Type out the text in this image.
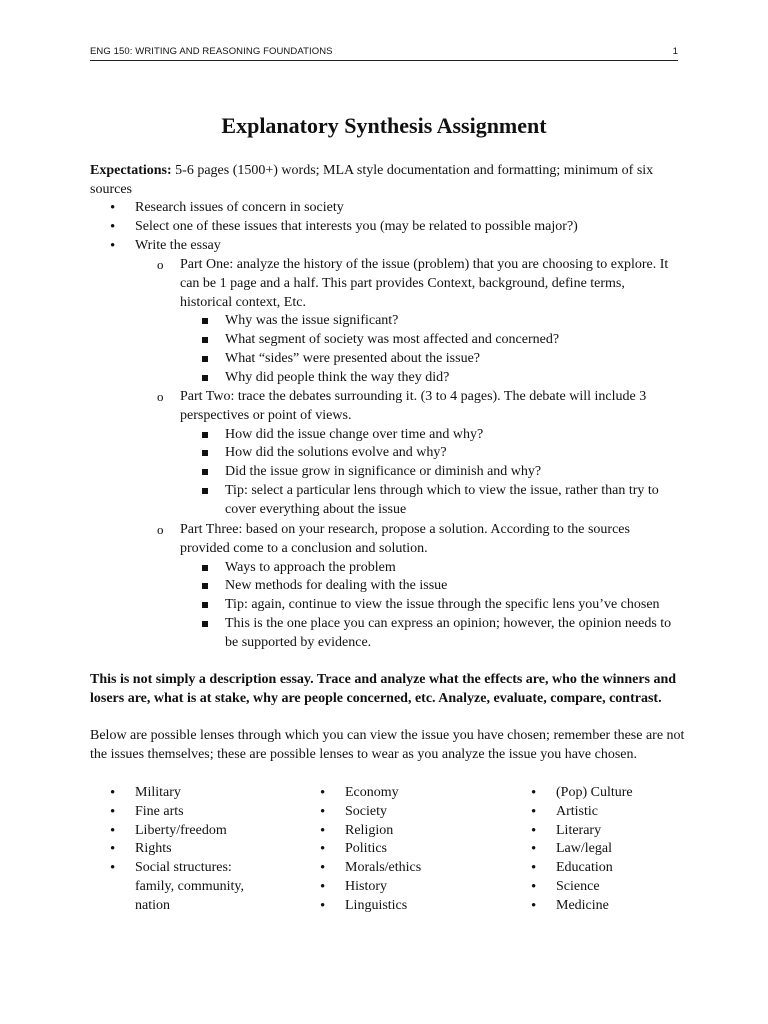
ENG 150: WRITING AND REASONING FOUNDATIONS	1
Explanatory Synthesis Assignment
Expectations: 5-6 pages (1500+) words; MLA style documentation and formatting; minimum of six sources
• Research issues of concern in society
• Select one of these issues that interests you (may be related to possible major?)
• Write the essay
o Part One: analyze the history of the issue (problem) that you are choosing to explore. It can be 1 page and a half. This part provides Context, background, define terms, historical context, Etc.
Why was the issue significant?
What segment of society was most affected and concerned?
What “sides” were presented about the issue?
Why did people think the way they did?
o Part Two: trace the debates surrounding it. (3 to 4 pages). The debate will include 3 perspectives or point of views.
How did the issue change over time and why?
How did the solutions evolve and why?
Did the issue grow in significance or diminish and why?
Tip: select a particular lens through which to view the issue, rather than try to cover everything about the issue
o Part Three: based on your research, propose a solution. According to the sources provided come to a conclusion and solution.
Ways to approach the problem
New methods for dealing with the issue
Tip: again, continue to view the issue through the specific lens you’ve chosen
This is the one place you can express an opinion; however, the opinion needs to be supported by evidence.
This is not simply a description essay. Trace and analyze what the effects are, who the winners and losers are, what is at stake, why are people concerned, etc. Analyze, evaluate, compare, contrast.
Below are possible lenses through which you can view the issue you have chosen; remember these are not the issues themselves; these are possible lenses to wear as you analyze the issue you have chosen.
• Military
• Fine arts
• Liberty/freedom
• Rights
• Social structures: family, community, nation
• Economy
• Society
• Religion
• Politics
• Morals/ethics
• History
• Linguistics
• (Pop) Culture
• Artistic
• Literary
• Law/legal
• Education
• Science
• Medicine
